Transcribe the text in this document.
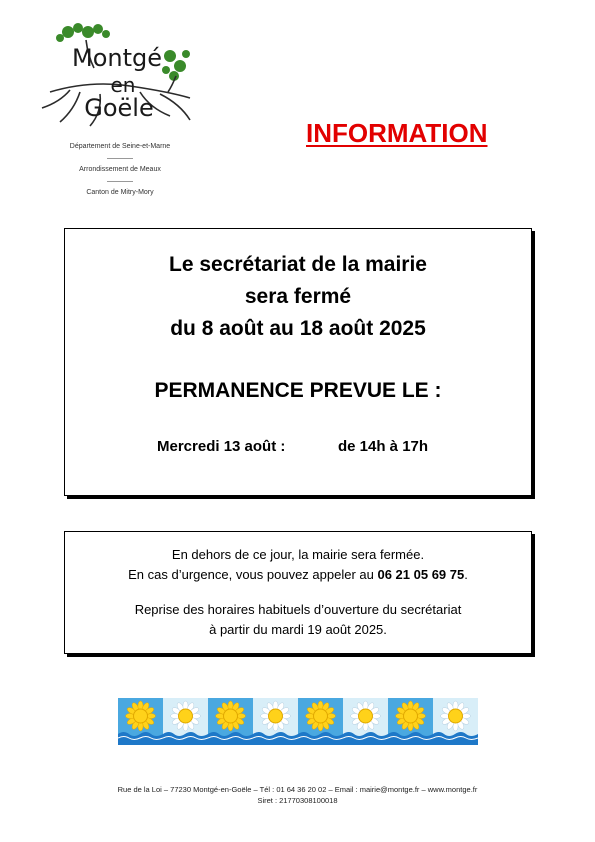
Montgé
en
Goële
Département de Seine-et-Marne
Arrondissement de Meaux
Canton de Mitry-Mory
INFORMATION
Le secrétariat de la mairie
sera fermé
du 8 août au 18 août 2025
PERMANENCE PREVUE LE :
Mercredi 13 août :	de 14h à 17h
En dehors de ce jour, la mairie sera fermée.
En cas d’urgence, vous pouvez appeler au 06 21 05 69 75.
Reprise des horaires habituels d’ouverture du secrétariat
à partir du mardi 19 août 2025.
Rue de la Loi – 77230 Montgé-en-Goële – Tél : 01 64 36 20 02 – Email : mairie@montge.fr – www.montge.fr
Siret : 21770308100018
